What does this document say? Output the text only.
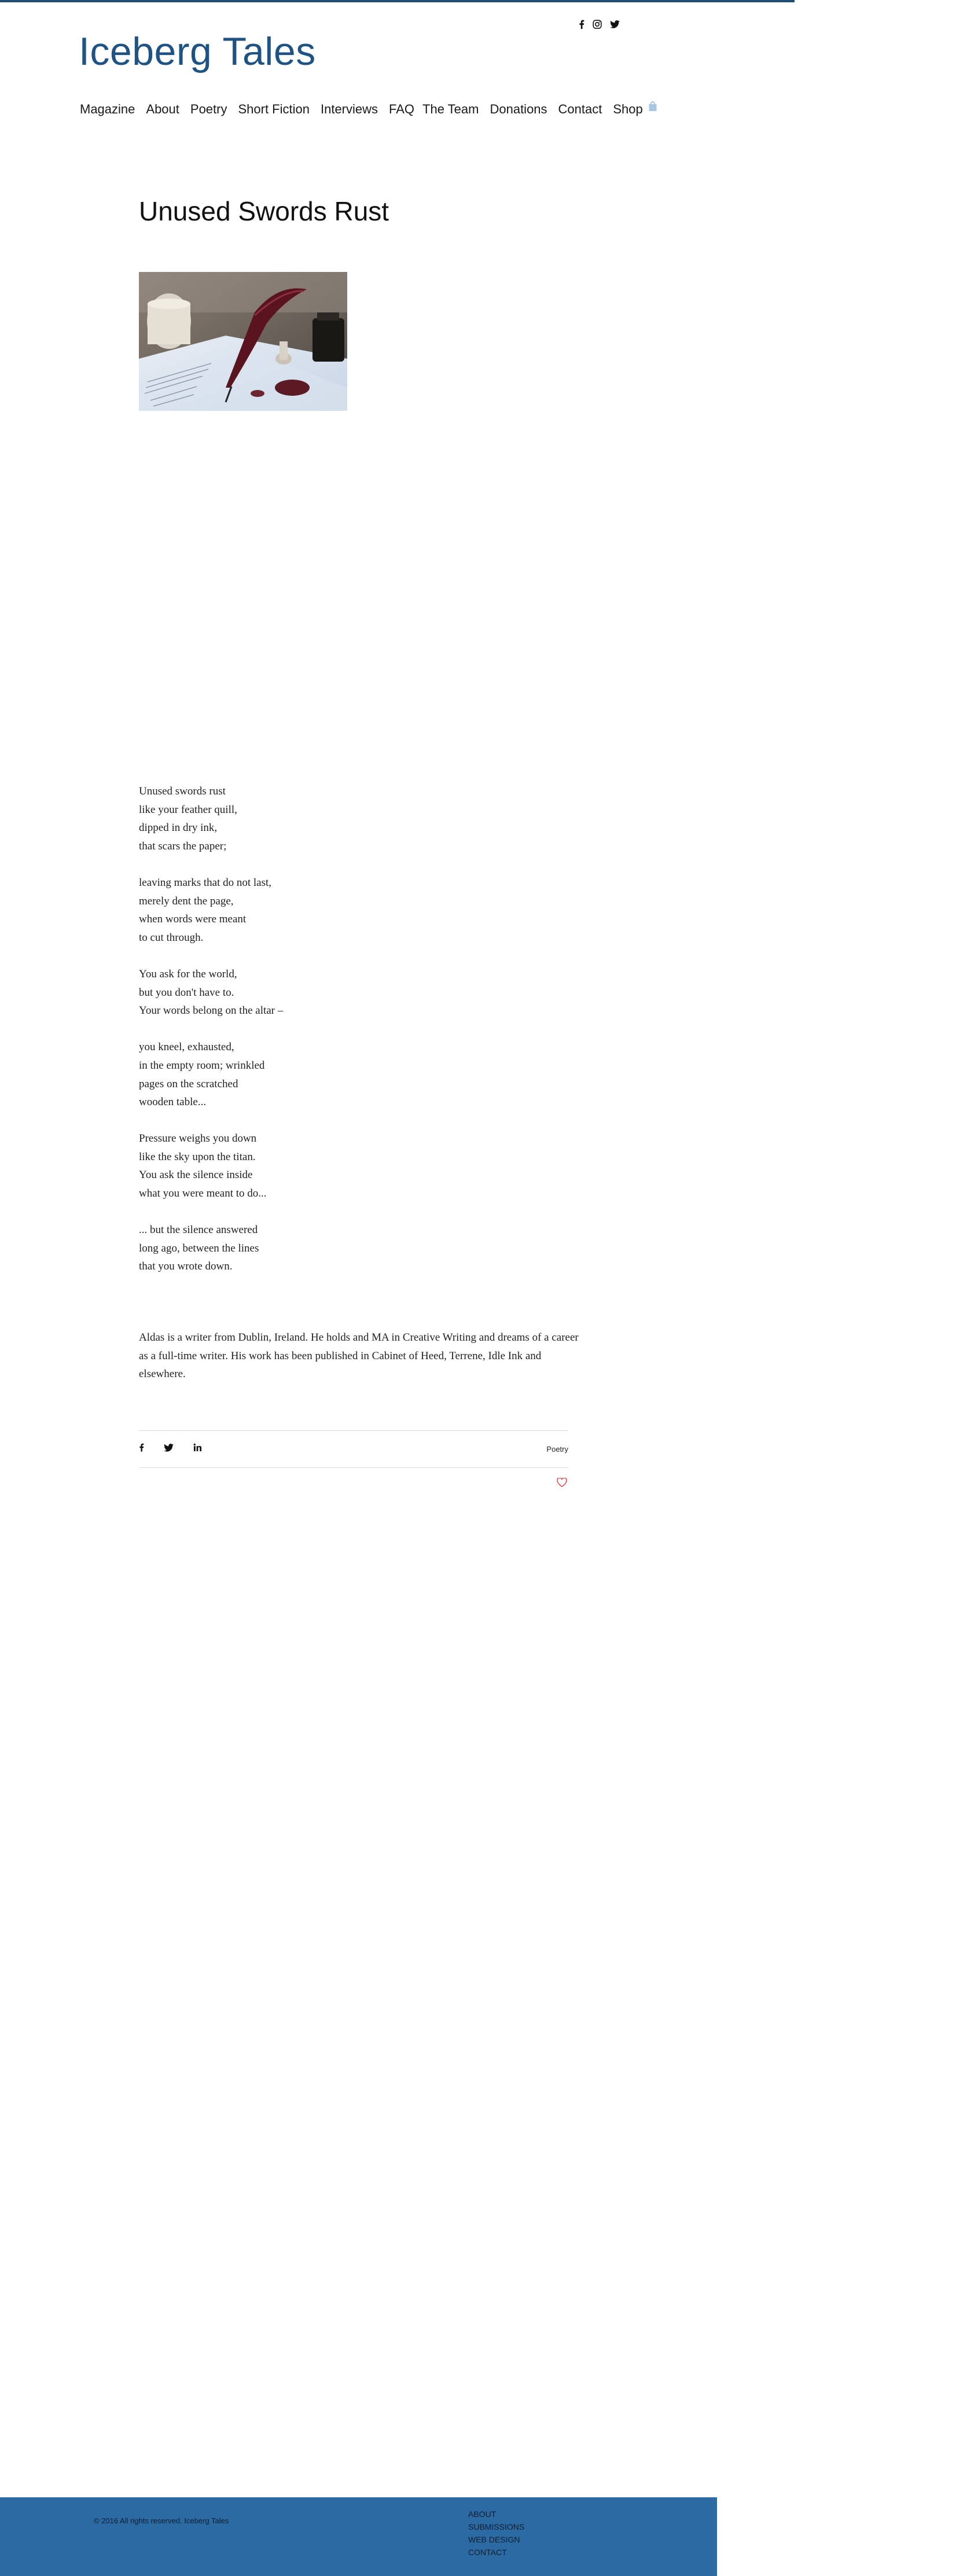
Iceberg Tales
Magazine About Poetry Short Fiction Interviews FAQ The Team Donations Contact Shop
Unused Swords Rust
Unused swords rust
like your feather quill,
dipped in dry ink,
that scars the paper;
leaving marks that do not last,
merely dent the page,
when words were meant
to cut through.
You ask for the world,
but you don't have to.
Your words belong on the altar –
you kneel, exhausted,
in the empty room; wrinkled
pages on the scratched
wooden table...
Pressure weighs you down
like the sky upon the titan.
You ask the silence inside
what you were meant to do...
... but the silence answered
long ago, between the lines
that you wrote down.

Aldas is a writer from Dublin, Ireland. He holds and MA in Creative Writing and dreams of a career as a full-time writer. His work has been published in Cabinet of Heed, Terrene, Idle Ink and elsewhere.

Poetry
© 2016 All rights reserved. Iceberg Tales
ABOUT
SUBMISSIONS
WEB DESIGN
CONTACT
